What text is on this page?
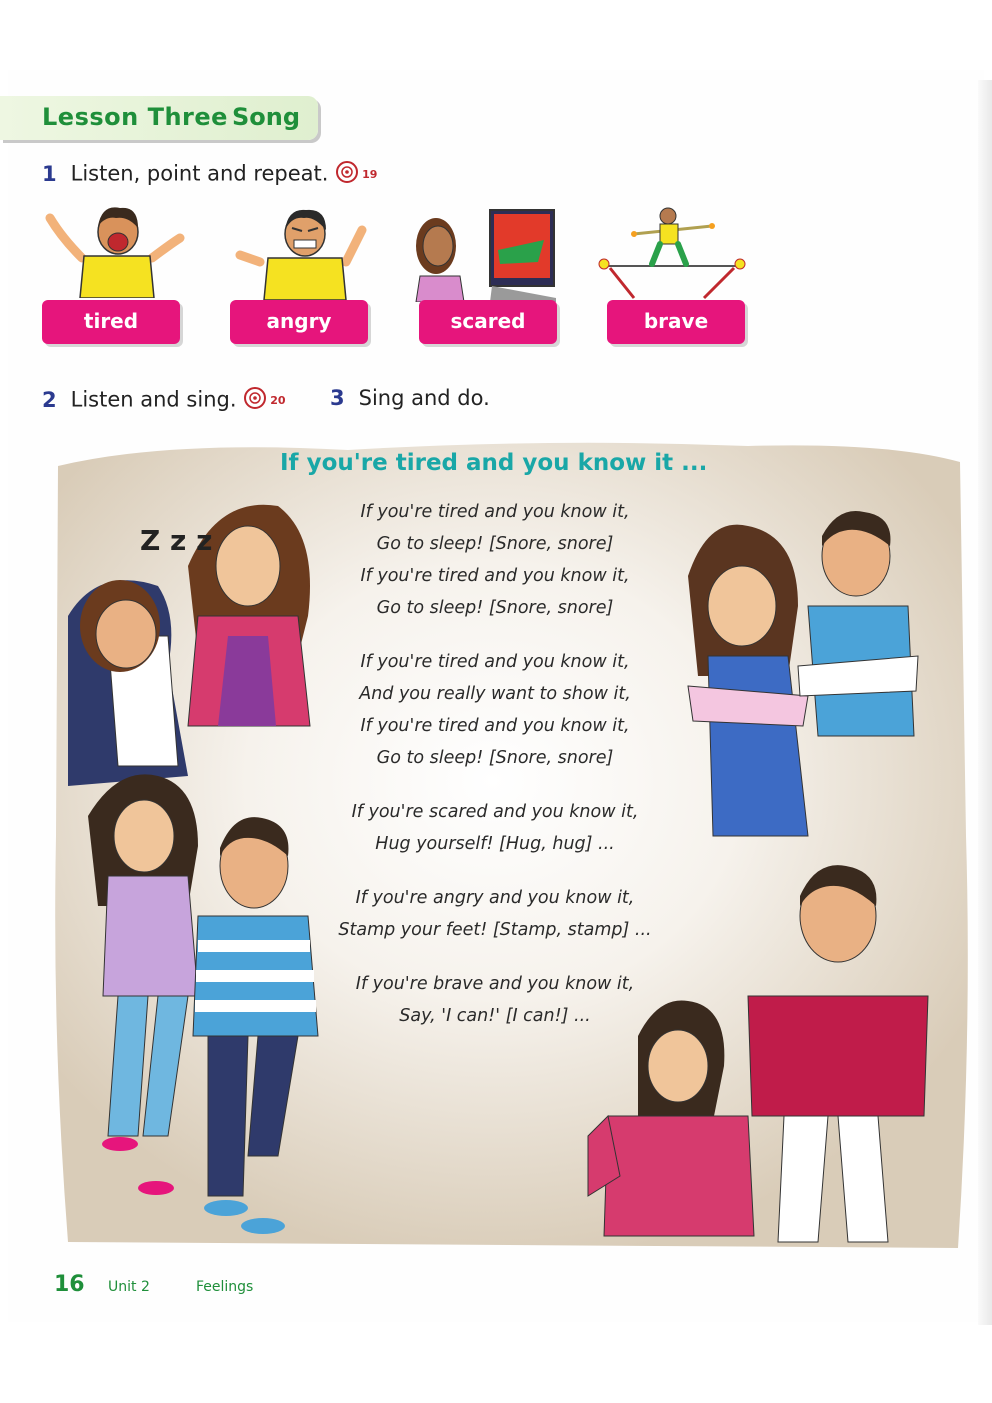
Lesson Three Song
1 Listen, point and repeat.	19
tired	angry	scared	brave
2 Listen and sing.	20 3 Sing and do.
Z z z
If you're tired and you know it ...
If you're tired and you know it,
Go to sleep! [Snore, snore]
If you're tired and you know it,
Go to sleep! [Snore, snore]
If you're tired and you know it,
And you really want to show it,
If you're tired and you know it,
Go to sleep! [Snore, snore]
If you're scared and you know it,
Hug yourself! [Hug, hug] ...
If you're angry and you know it,
Stamp your feet! [Stamp, stamp] ...
If you're brave and you know it,
Say, 'I can!' [I can!] ...
16 Unit 2	Feelings
